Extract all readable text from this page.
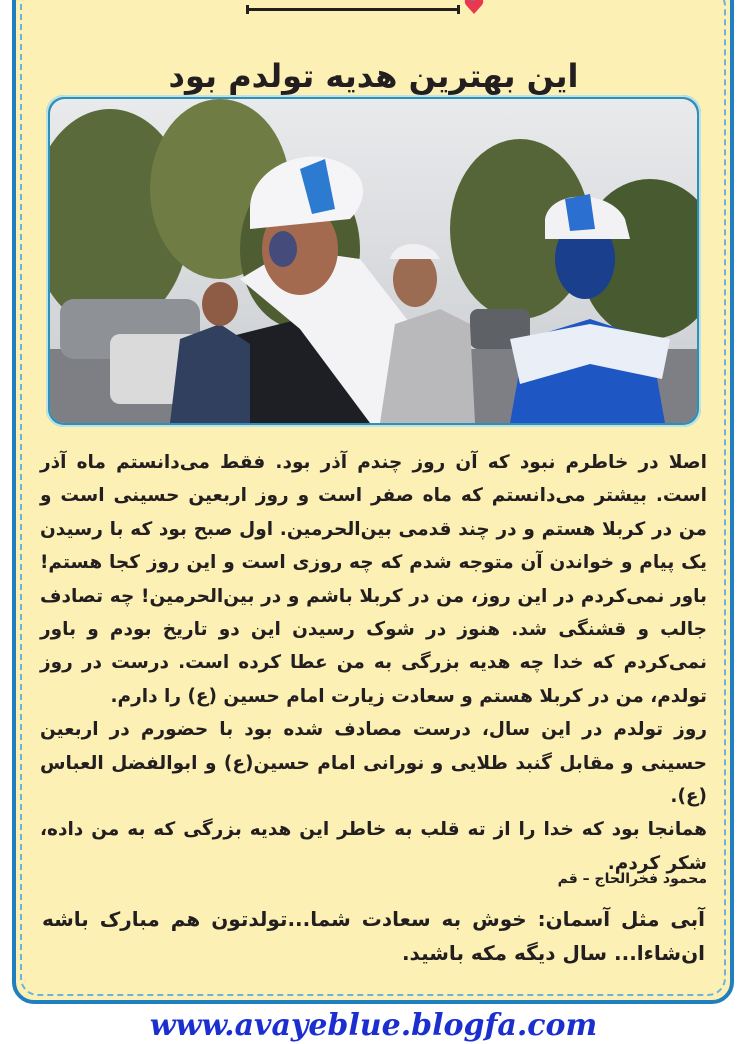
این بهترین هدیه تولدم بود

اصلا در خاطرم نبود که آن روز چندم آذر بود. فقط می‌دانستم ماه آذر است. بیشتر می‌دانستم که ماه صفر است و روز اربعین حسینی است و من در کربلا هستم و در چند قدمی بین‌الحرمین. اول صبح بود که با رسیدن یک پیام و خواندن آن متوجه شدم که چه روزی است و این روز کجا هستم! باور نمی‌کردم در این روز، من در کربلا باشم و در بین‌الحرمین! چه تصادف جالب و قشنگی شد. هنوز در شوک رسیدن این دو تاریخ بودم و باور نمی‌کردم که خدا چه هدیه بزرگی به من عطا کرده است. درست در روز تولدم، من در کربلا هستم و سعادت زیارت امام حسین (ع) را دارم.

روز تولدم در این سال، درست مصادف شده بود با حضورم در اربعین حسینی و مقابل گنبد طلایی و نورانی امام حسین(ع) و ابوالفضل العباس (ع).

همانجا بود که خدا را از ته قلب به خاطر این هدیه بزرگی که به من داده، شکر کردم.

محمود فخرالحاج – قم
آبی مثل آسمان: خوش به سعادت شما...تولدتون هم مبارک باشه ان‌شاءا... سال دیگه مکه باشید.
www.avayeblue.blogfa.com
